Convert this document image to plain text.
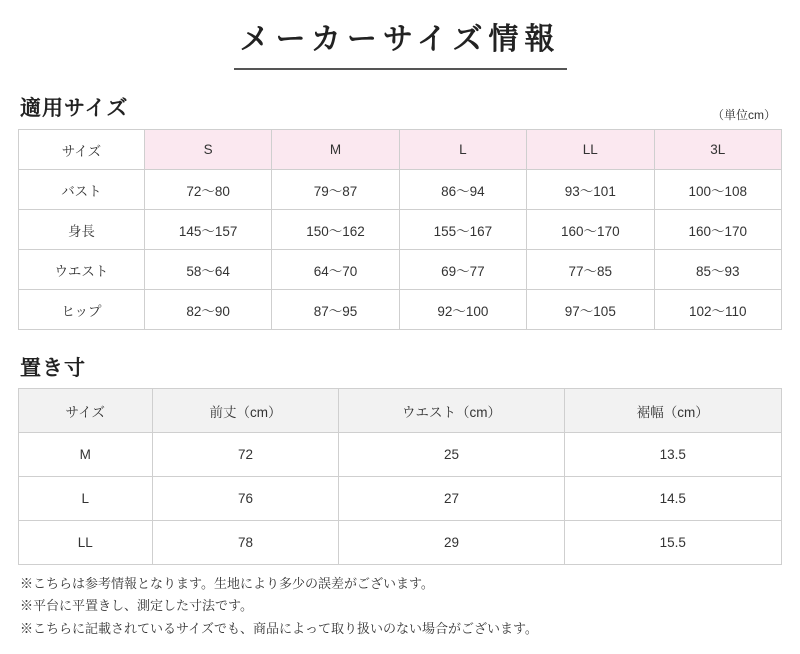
メーカーサイズ情報
適用サイズ	（単位cm）
サイズ	S	M	L	LL	3L
バスト	72〜80	79〜87	86〜94	93〜101	100〜108
身長	145〜157	150〜162	155〜167	160〜170	160〜170
ウエスト	58〜64	64〜70	69〜77	77〜85	85〜93
ヒップ	82〜90	87〜95	92〜100	97〜105	102〜110
置き寸
サイズ	前丈（cm）	ウエスト（cm）	裾幅（cm）
M	72	25	13.5
L	76	27	14.5
LL	78	29	15.5
※こちらは参考情報となります。生地により多少の誤差がございます。
※平台に平置きし、測定した寸法です。
※こちらに記載されているサイズでも、商品によって取り扱いのない場合がございます。
